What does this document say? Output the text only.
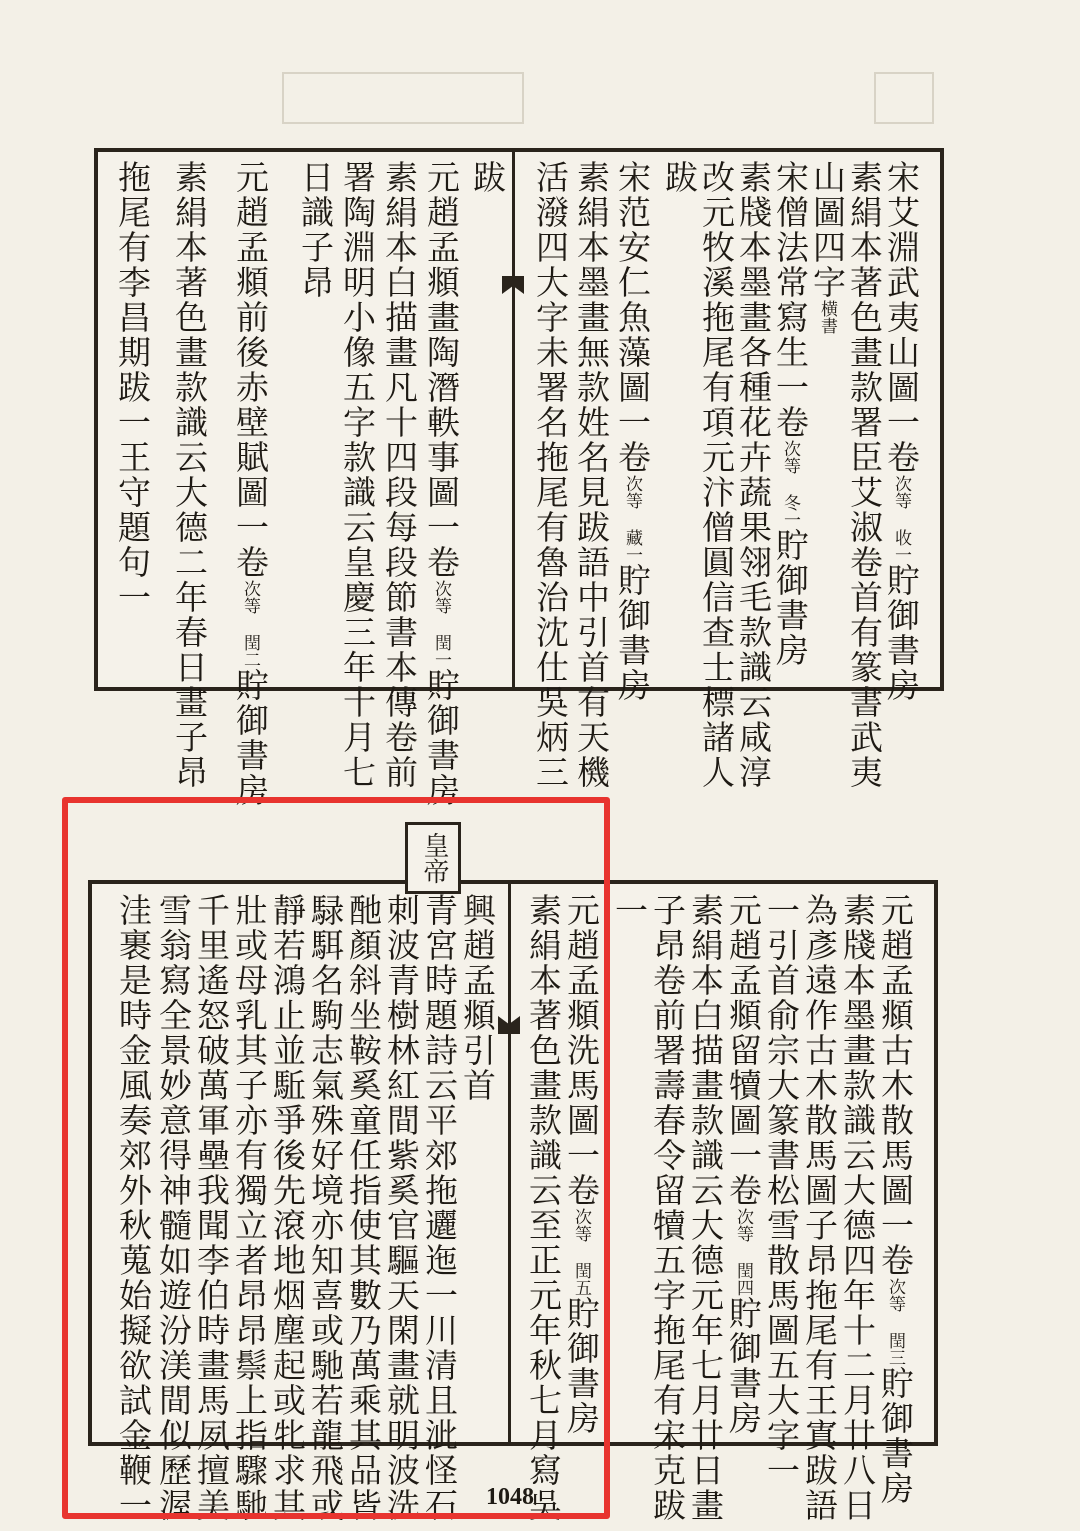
宋艾淵武夷山圖一卷次等 收一貯御書房
素絹本著色畫款署臣艾淑卷首有篆書武夷
山圖四字横書
宋僧法常寫生一卷次等 冬一貯御書房
素牋本墨畫各種花卉蔬果翎毛款識云咸淳
改元牧溪拖尾有項元汴僧圓信查士標諸人
跋
宋范安仁魚藻圖一卷次等 藏一貯御書房
素絹本墨畫無款姓名見跋語中引首有天機
活潑四大字未署名拖尾有魯治沈仕吳炳三
跋
元趙孟頫畫陶潛軼事圖一卷次等 閏一貯御書房
素絹本白描畫凡十四段每段節書本傳卷前
署陶淵明小像五字款識云皇慶三年十月七
日識子昂
元趙孟頫前後赤壁賦圖一卷次等 閏二貯御書房
素絹本著色畫款識云大德二年春日畫子昂
拖尾有李昌期跋一王守題句一
皇帝
元趙孟頫古木散馬圖一卷次等 閏三貯御書房
素牋本墨畫款識云大德四年十二月廿八日
為彥遠作古木散馬圖子昂拖尾有王寘跋語
一引首俞宗大篆書松雪散馬圖五大字一
元趙孟頫留犢圖一卷次等 閏四貯御書房
素絹本白描畫款識云大德元年七月廿日畫
子昂卷前署壽春令留犢五字拖尾有宋克跋
一
元趙孟頫洗馬圖一卷次等 閏五貯御書房
素絹本著色畫款識云至正元年秋七月寫吳
興趙孟頫引首
青宮時題詩云平郊拖邐迤一川清且泚怪石
刺波青樹林紅間紫奚官驅天閑畫就明波洗
酏顏斜坐鞍奚童任指使其數乃萬乘其品皆
騄駬名駒志氣殊好境亦知喜或馳若龍飛或
靜若鴻止並駈爭後先滾地烟塵起或牝求其
壯或母乳其子亦有獨立者昂昂鬃上指驟馳
千里遙怒破萬軍壘我聞李伯時畫馬夙擅美
雪翁寫全景妙意得神髓如遊汾渼間似歷渥
洼裹是時金風奏郊外秋蒐始擬欲試金鞭一	1048
